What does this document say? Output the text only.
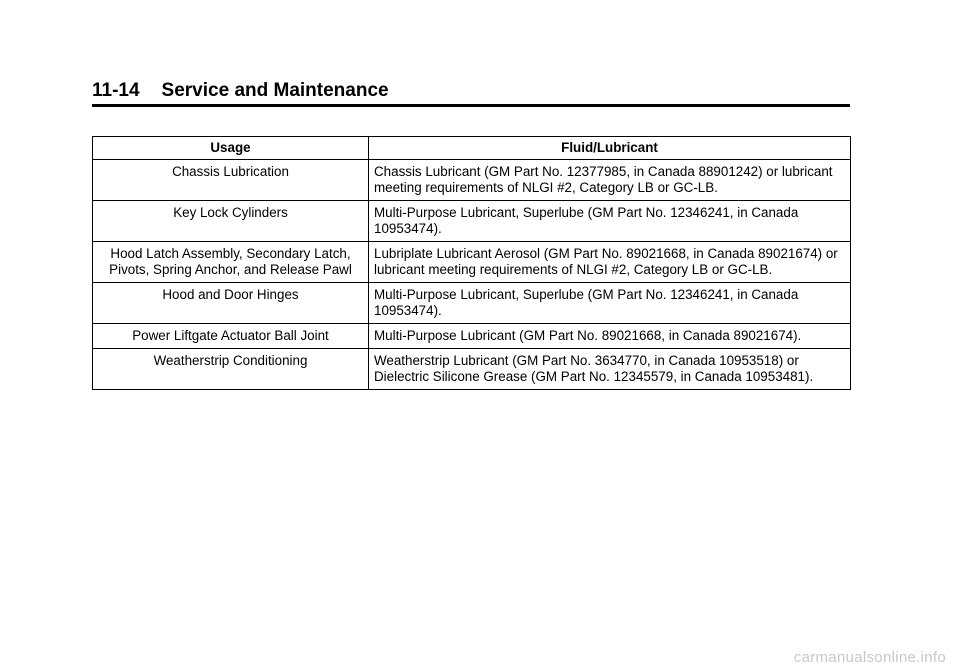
11-14 Service and Maintenance
Usage	Fluid/Lubricant
Chassis Lubrication	Chassis Lubricant (GM Part No. 12377985, in Canada 88901242) or lubricant meeting requirements of NLGI #2, Category LB or GC-LB.
Key Lock Cylinders	Multi-Purpose Lubricant, Superlube (GM Part No. 12346241, in Canada 10953474).
Hood Latch Assembly, Secondary Latch, Pivots, Spring Anchor, and Release Pawl	Lubriplate Lubricant Aerosol (GM Part No. 89021668, in Canada 89021674) or lubricant meeting requirements of NLGI #2, Category LB or GC-LB.
Hood and Door Hinges	Multi-Purpose Lubricant, Superlube (GM Part No. 12346241, in Canada 10953474).
Power Liftgate Actuator Ball Joint	Multi-Purpose Lubricant (GM Part No. 89021668, in Canada 89021674).
Weatherstrip Conditioning	Weatherstrip Lubricant (GM Part No. 3634770, in Canada 10953518) or Dielectric Silicone Grease (GM Part No. 12345579, in Canada 10953481).
carmanualsonline.info
